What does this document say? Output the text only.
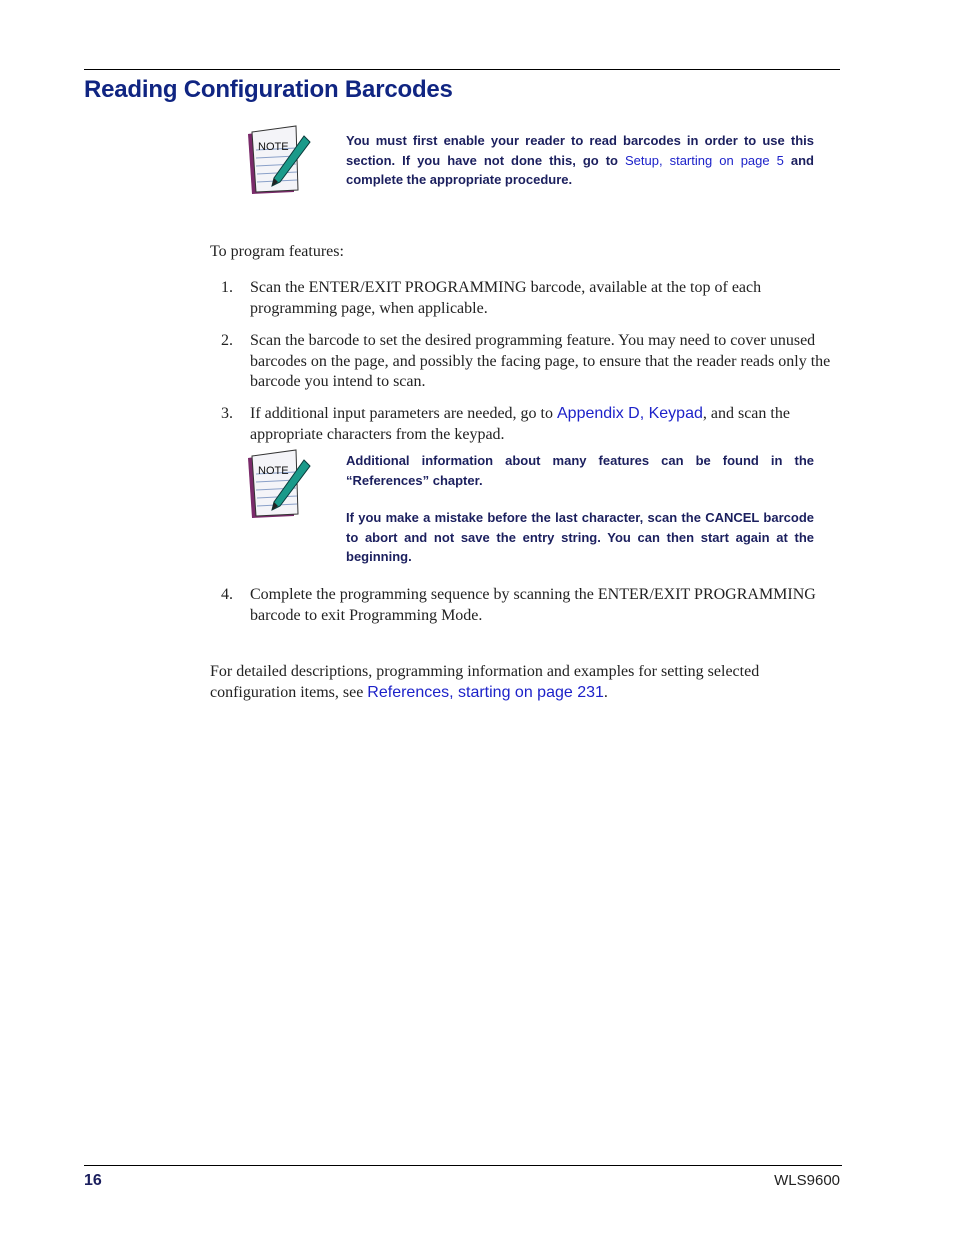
Reading Configuration Barcodes
NOTE	You must first enable your reader to read barcodes in order to use this section. If you have not done this, go to Setup, starting on page 5 and complete the appropriate procedure.

To program features:
1. Scan the ENTER/EXIT PROGRAMMING barcode, available at the top of each programming page, when applicable.
2. Scan the barcode to set the desired programming feature. You may need to cover unused barcodes on the page, and possibly the facing page, to ensure that the reader reads only the barcode you intend to scan.
3. If additional input parameters are needed, go to Appendix D, Keypad, and scan the appropriate characters from the keypad.
NOTE

Additional information about many features can be found in the “References” chapter.

If you make a mistake before the last character, scan the CANCEL barcode to abort and not save the entry string. You can then start again at the beginning.

4. Complete the programming sequence by scanning the ENTER/EXIT PROGRAMMING barcode to exit Programming Mode.
For detailed descriptions, programming information and examples for setting selected configuration items, see References, starting on page 231.
16	WLS9600
